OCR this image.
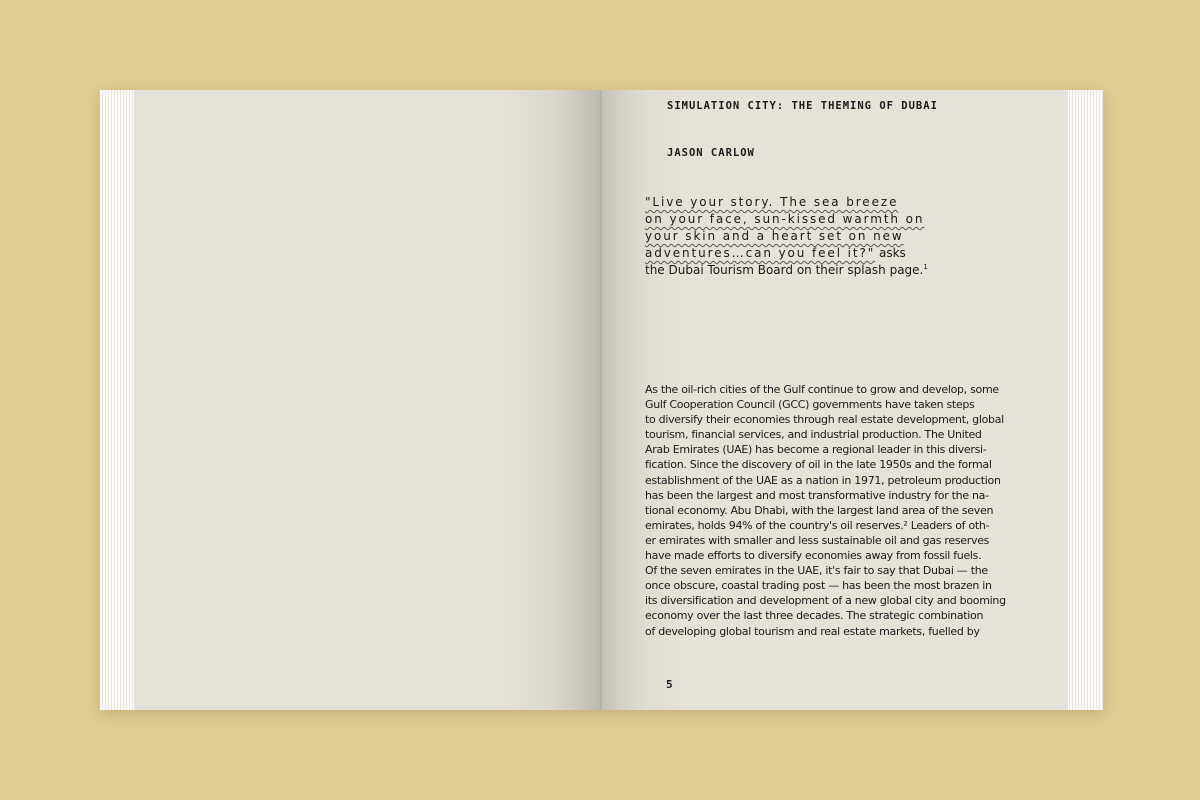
SIMULATION CITY: THE THEMING OF DUBAI
JASON CARLOW
"Live your story. The sea breeze
on your face, sun-kissed warmth on
your skin and a heart set on new
adventures…can you feel it?" asks
the Dubai Tourism Board on their splash page.$^1$
As the oil-rich cities of the Gulf continue to grow and develop, some
Gulf Cooperation Council (GCC) governments have taken steps
to diversify their economies through real estate development, global
tourism, financial services, and industrial production. The United
Arab Emirates (UAE) has become a regional leader in this diversi-
fication. Since the discovery of oil in the late 1950s and the formal
establishment of the UAE as a nation in 1971, petroleum production
has been the largest and most transformative industry for the na-
tional economy. Abu Dhabi, with the largest land area of the seven
emirates, holds 94% of the country's oil reserves.² Leaders of oth-
er emirates with smaller and less sustainable oil and gas reserves
have made efforts to diversify economies away from fossil fuels.
Of the seven emirates in the UAE, it's fair to say that Dubai — the
once obscure, coastal trading post — has been the most brazen in
its diversification and development of a new global city and booming
economy over the last three decades. The strategic combination
of developing global tourism and real estate markets, fuelled by
5
